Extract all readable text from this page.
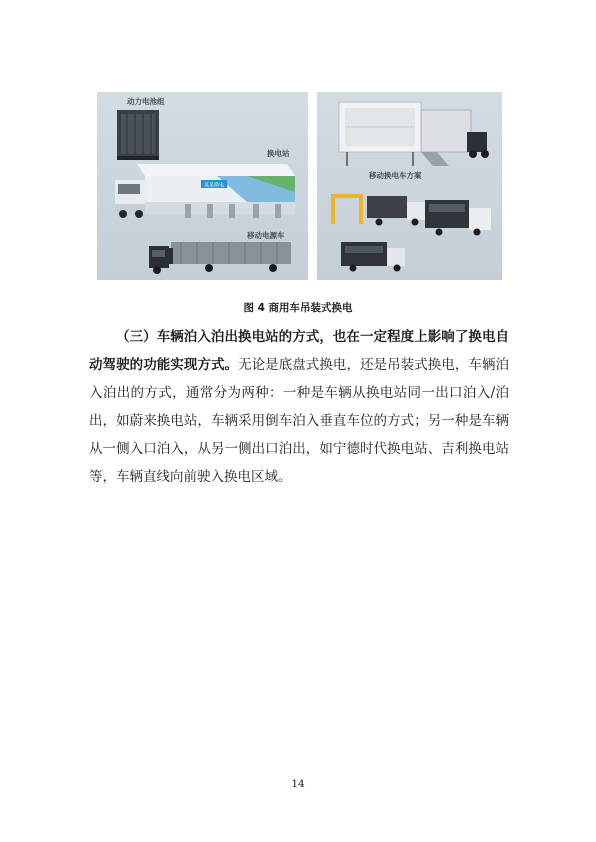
某某换电
动力电池组
换电站
移动电源车
移动换电车方案
图 4 商用车吊装式换电

（三）车辆泊入泊出换电站的方式，也在一定程度上影响了换电自动驾驶的功能实现方式。无论是底盘式换电，还是吊装式换电，车辆泊入泊出的方式，通常分为两种：一种是车辆从换电站同一出口泊入/泊出，如蔚来换电站，车辆采用倒车泊入垂直车位的方式；另一种是车辆从一侧入口泊入，从另一侧出口泊出，如宁德时代换电站、吉利换电站等，车辆直线向前驶入换电区域。

14
